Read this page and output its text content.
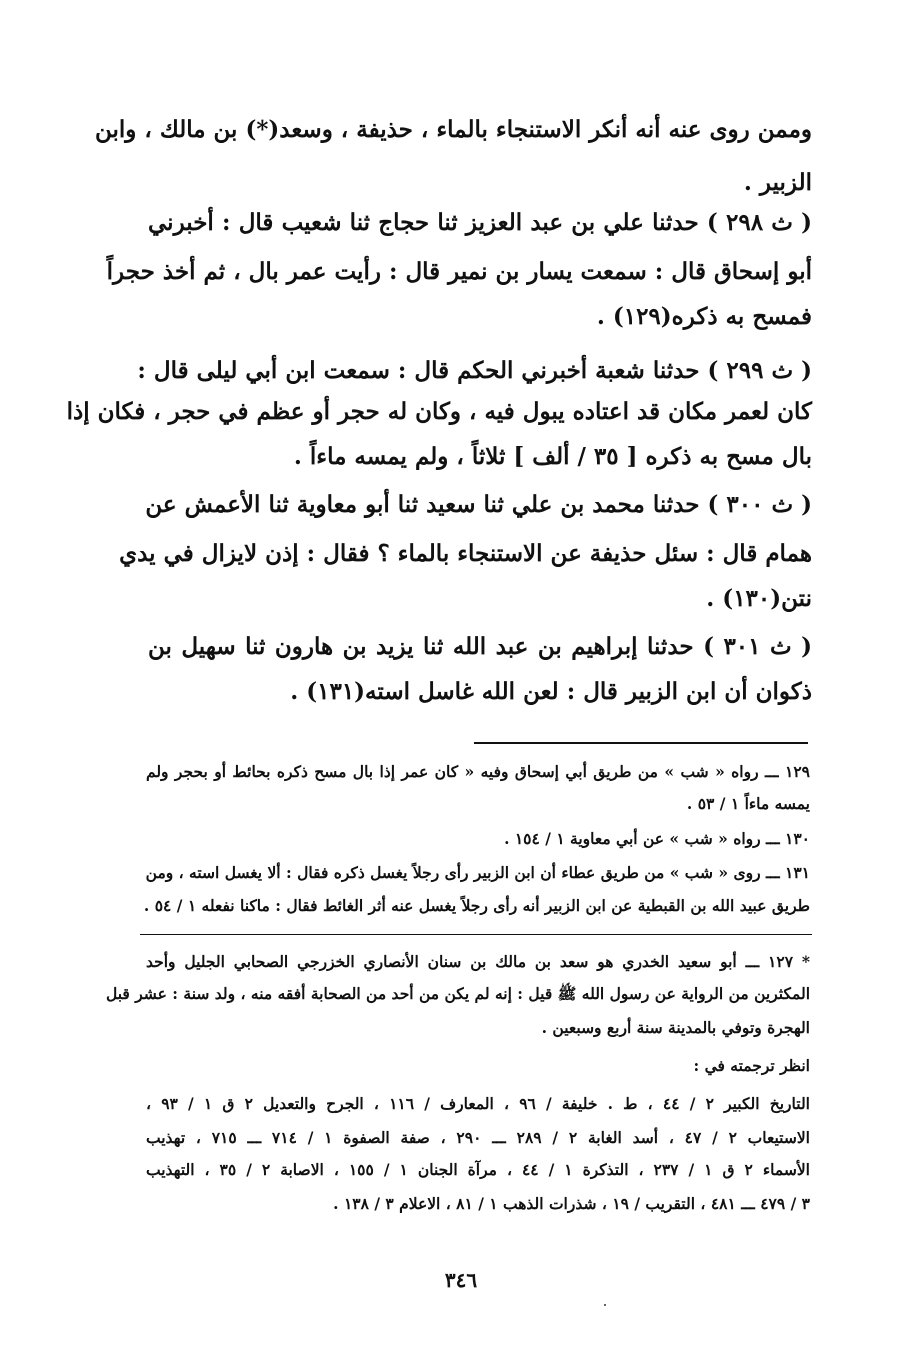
وممن روى عنه أنه أنكر الاستنجاء بالماء ، حذيفة ، وسعد(*) بن مالك ، وابن
الزبير .
( ث ٢٩٨ ) حدثنا علي بن عبد العزيز ثنا حجاج ثنا شعيب قال : أخبرني
أبو إسحاق قال : سمعت يسار بن نمير قال : رأيت عمر بال ، ثم أخذ حجراً
فمسح به ذكره(١٢٩) .
( ث ٢٩٩ ) حدثنا شعبة أخبرني الحكم قال : سمعت ابن أبي ليلى قال :
كان لعمر مكان قد اعتاده يبول فيه ، وكان له حجر أو عظم في حجر ، فكان إذا
بال مسح به ذكره [ ٣٥ / ألف ] ثلاثاً ، ولم يمسه ماءاً .
( ث ٣٠٠ ) حدثنا محمد بن علي ثنا سعيد ثنا أبو معاوية ثنا الأعمش عن
همام قال : سئل حذيفة عن الاستنجاء بالماء ؟ فقال : إذن لايزال في يدي
نتن(١٣٠) .
( ث ٣٠١ ) حدثنا إبراهيم بن عبد الله ثنا يزيد بن هارون ثنا سهيل بن
ذكوان أن ابن الزبير قال : لعن الله غاسل استه(١٣١) .
١٢٩ ـــ رواه « شب » من طريق أبي إسحاق وفيه « كان عمر إذا بال مسح ذكره بحائط أو بحجر ولم
يمسه ماءاً ١ / ٥٣ .
١٣٠ ـــ رواه « شب » عن أبي معاوية ١ / ١٥٤ .
١٣١ ـــ روى « شب » من طريق عطاء أن ابن الزبير رأى رجلاً يغسل ذكره فقال : ألا يغسل استه ، ومن
طريق عبيد الله بن القبطية عن ابن الزبير أنه رأى رجلاً يغسل عنه أثر الغائط فقال : ماكنا نفعله ١ / ٥٤ .
* ١٢٧ ـــ أبو سعيد الخدري هو سعد بن مالك بن سنان الأنصاري الخزرجي الصحابي الجليل وأحد
المكثرين من الرواية عن رسول الله ﷺ قيل : إنه لم يكن من أحد من الصحابة أفقه منه ، ولد سنة : عشر قبل
الهجرة وتوفي بالمدينة سنة أربع وسبعين .
انظر ترجمته في :
التاريخ الكبير ٢ / ٤٤ ، ط . خليفة / ٩٦ ، المعارف / ١١٦ ، الجرح والتعديل ٢ ق ١ / ٩٣ ،
الاستيعاب ٢ / ٤٧ ، أسد الغابة ٢ / ٢٨٩ ـــ ٢٩٠ ، صفة الصفوة ١ / ٧١٤ ـــ ٧١٥ ، تهذيب
الأسماء ٢ ق ١ / ٢٣٧ ، التذكرة ١ / ٤٤ ، مرآة الجنان ١ / ١٥٥ ، الاصابة ٢ / ٣٥ ، التهذيب
٣ / ٤٧٩ ـــ ٤٨١ ، التقريب / ١٩ ، شذرات الذهب ١ / ٨١ ، الاعلام ٣ / ١٣٨ .
٣٤٦
